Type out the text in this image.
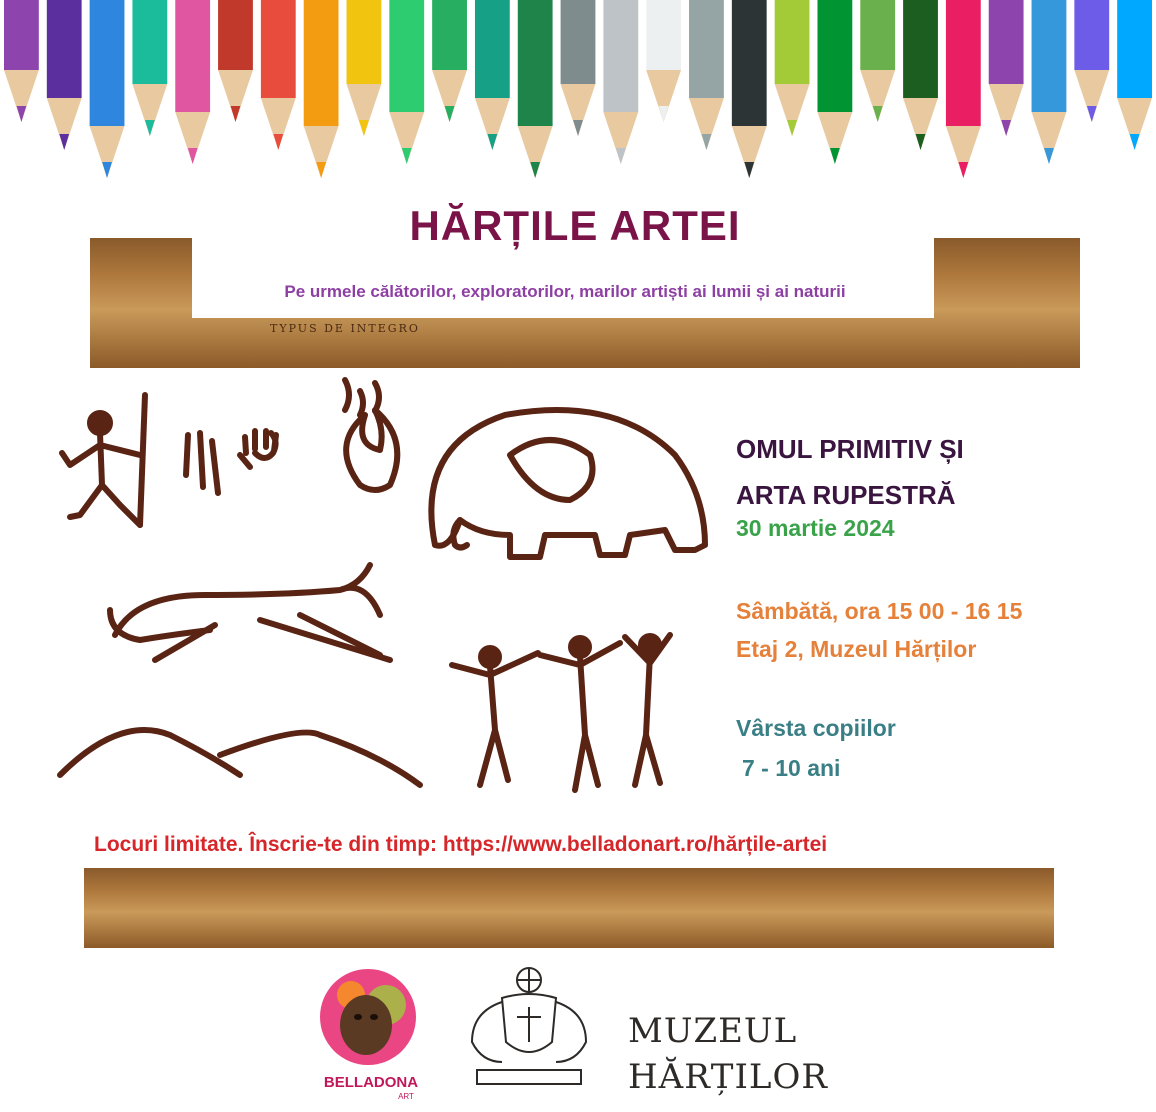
TYPUS DE INTEGRO
HĂRȚILE ARTEI
Pe urmele călătorilor, exploratorilor, marilor artiști ai lumii și ai naturii
OMUL PRIMITIV ȘI
ARTA RUPESTRĂ
30 martie 2024
Sâmbătă, ora 15 00 - 16 15
Etaj 2, Muzeul Hărților
Vârsta copiilor
7 - 10 ani
Locuri limitate. Înscrie-te din timp: https://www.belladonart.ro/hărțile-artei
BELLADONA
ART
MUZEUL
HĂRȚILOR
